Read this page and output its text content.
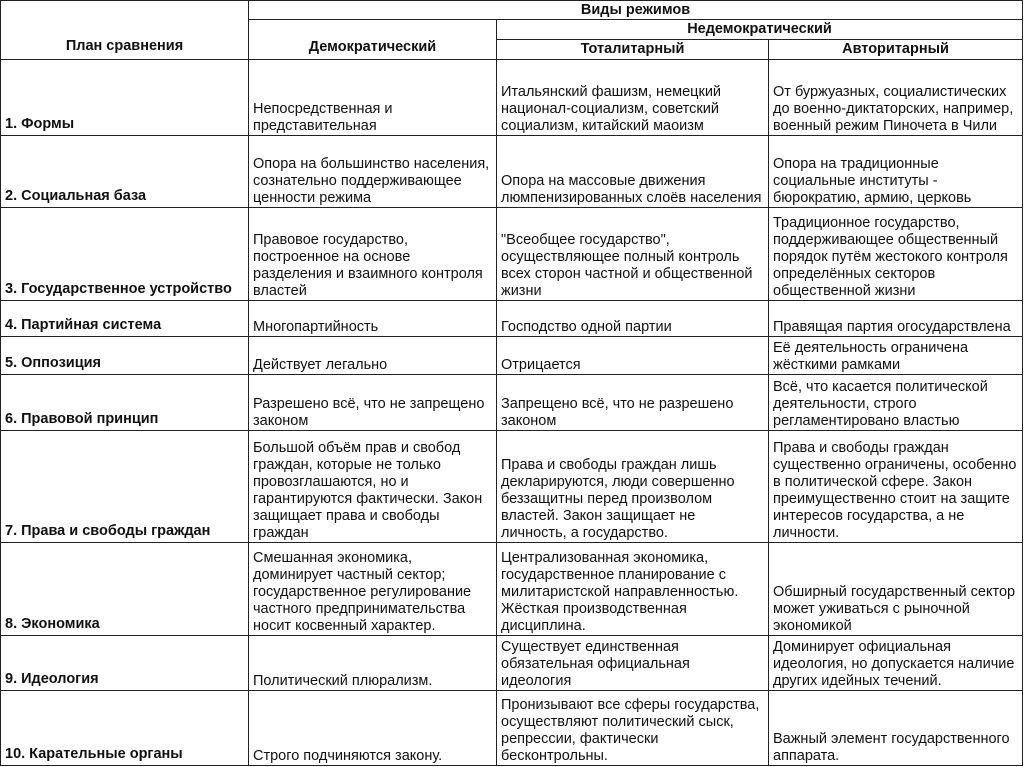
План сравнения	Виды режимов		
	Демократический	Недемократический	
		Тоталитарный	Авторитарный
1. Формы	Непосредственная и представительная	Итальянский фашизм, немецкий национал-социализм, советский социализм, китайский маоизм	От буржуазных, социалистических до военно-диктаторских, например, военный режим Пиночета в Чили
2. Социальная база	Опора на большинство населения, сознательно поддерживающее ценности режима	Опора на массовые движения люмпенизированных слоёв населения	Опора на традиционные социальные институты - бюрократию, армию, церковь
3. Государственное устройство	Правовое государство, построенное на основе разделения и взаимного контроля властей	"Всеобщее государство", осуществляющее полный контроль всех сторон частной и общественной жизни	Традиционное государство, поддерживающее общественный порядок путём жестокого контроля определённых секторов общественной жизни
4. Партийная система	Многопартийность	Господство одной партии	Правящая партия огосударствлена
5. Оппозиция	Действует легально	Отрицается	Её деятельность ограничена жёсткими рамками
6. Правовой принцип	Разрешено всё, что не запрещено законом	Запрещено всё, что не разрешено законом	Всё, что касается политической деятельности, строго регламентировано властью
7. Права и свободы граждан	Большой объём прав и свобод граждан, которые не только провозглашаются, но и гарантируются фактически. Закон защищает права и свободы граждан	Права и свободы граждан лишь декларируются, люди совершенно беззащитны перед произволом властей. Закон защищает не личность, а государство.	Права и свободы граждан существенно ограничены, особенно в политической сфере. Закон преимущественно стоит на защите интересов государства, а не личности.
8. Экономика	Смешанная экономика, доминирует частный сектор; государственное регулирование частного предпринимательства носит косвенный характер.	Централизованная экономика, государственное планирование с милитаристской направленностью. Жёсткая производственная дисциплина.	Обширный государственный сектор может уживаться с рыночной экономикой
9. Идеология	Политический плюрализм.	Существует единственная обязательная официальная идеология	Доминирует официальная идеология, но допускается наличие других идейных течений.
10. Карательные органы	Строго подчиняются закону.	Пронизывают все сферы государства, осуществляют политический сыск, репрессии, фактически бесконтрольны.	Важный элемент государственного аппарата.
